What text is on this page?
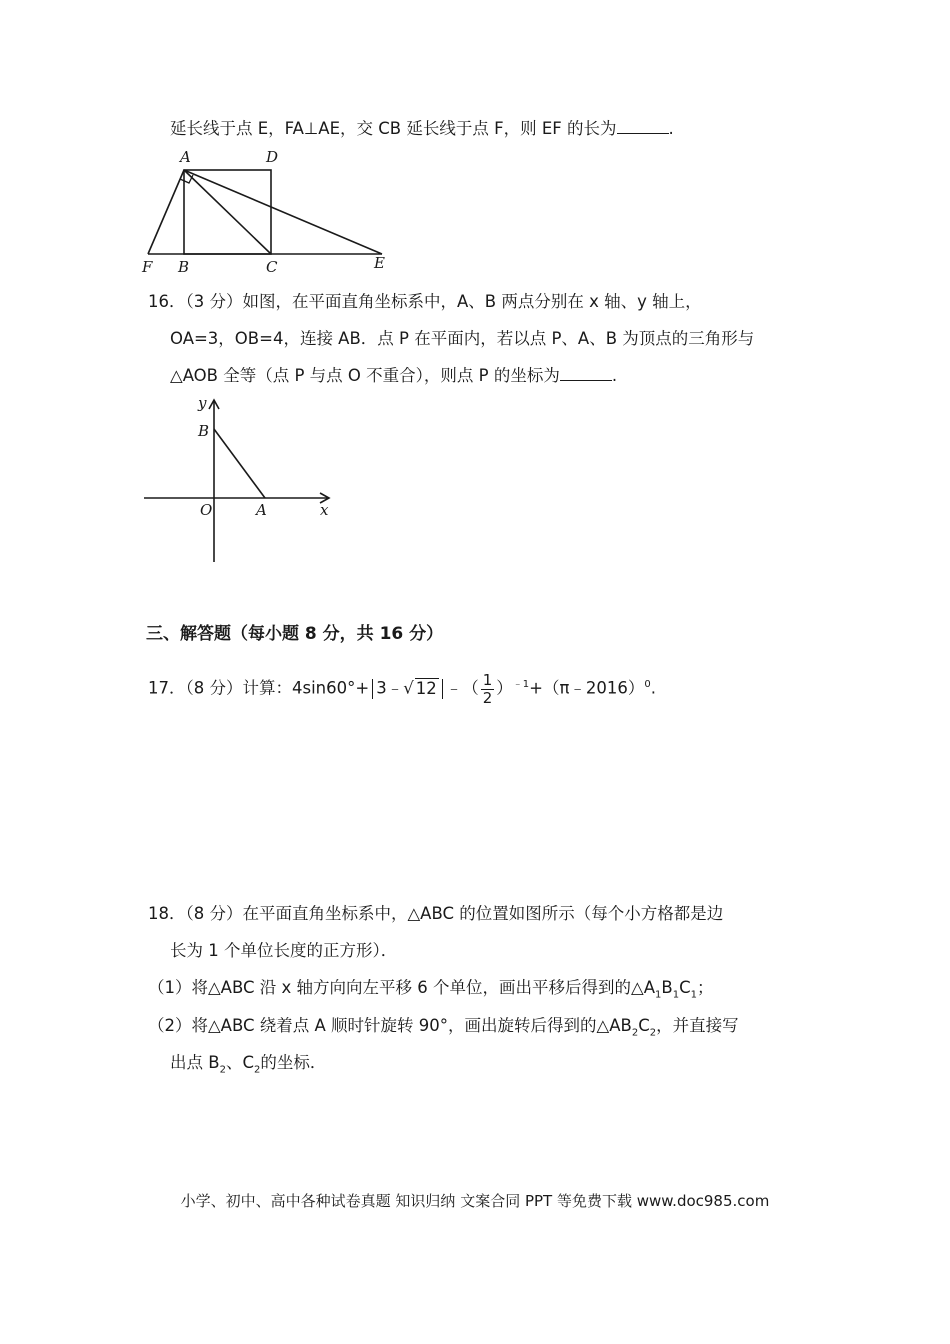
延长线于点 E，FA⊥AE，交 CB 延长线于点 F，则 EF 的长为	.
A	D
F B	C	E
16．（3 分）如图，在平面直角坐标系中，A、B 两点分别在 x 轴、y 轴上，
OA=3，OB=4，连接 AB．点 P 在平面内，若以点 P、A、B 为顶点的三角形与
△AOB 全等（点 P 与点 O 不重合），则点 P 的坐标为	.
y
B
O	A	x
三、解答题（每小题 8 分，共 16 分）
17．（8 分）计算：4sin60°+ 3﹣√ 12 ﹣（ $\frac{1}{2}$ ）$^{﹣1}$+（π﹣2016）$^0$.
18．（8 分）在平面直角坐标系中，△ABC 的位置如图所示（每个小方格都是边
长为 1 个单位长度的正方形）．
（1）将△ABC 沿 x 轴方向向左平移 6 个单位，画出平移后得到的$\triangle A_1B_1C_1$；
（2）将△ABC 绕着点 A 顺时针旋转 90°，画出旋转后得到的$\triangle AB_2C_2$，并直接写
出点 $B_2$、$C_2$的坐标．
小学、初中、高中各种试卷真题 知识归纳 文案合同 PPT 等免费下载 www.doc985.com
